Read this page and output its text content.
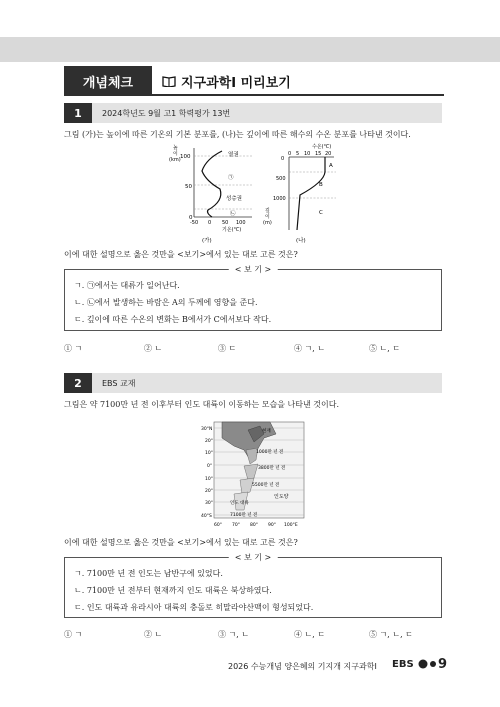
개념체크	지구과학Ⅰ 미리보기
1	2024학년도 9월 고1 학력평가 13번
그림 (가)는 높이에 따른 기온의 기본 분포를, (나)는 깊이에 따른 해수의 수온 분포를 나타낸 것이다.
높
이
(km) 100
50
0
열권
㉠
성층권
㉡
-50 0 50 100
기온(℃)
(가)
수온(℃)
0 5 10 15 20
0
500
1000
A
B
C
깊
이
(m)
(나)
이에 대한 설명으로 옳은 것만을 <보기>에서 있는 대로 고른 것은?
< 보 기 >
ㄱ. ㉠에서는 대류가 일어난다.
ㄴ. ㉡에서 발생하는 바람은 A의 두께에 영향을 준다.
ㄷ. 깊이에 따른 수온의 변화는 B에서가 C에서보다 작다.
① ㄱ	② ㄴ	③ ㄷ	④ ㄱ, ㄴ	⑤ ㄴ, ㄷ
2	EBS 교재
그림은 약 7100만 년 전 이후부터 인도 대륙이 이동하는 모습을 나타낸 것이다.
30°N
20°
10°
0°
10°
20°
30°
40°S
현재
1000만 년 전
3800만 년 전
5500만 년 전
7100만 년 전
인도양
인도 대륙
60° 70° 80° 90° 100°E
이에 대한 설명으로 옳은 것만을 <보기>에서 있는 대로 고른 것은?
< 보 기 >
ㄱ. 7100만 년 전 인도는 남반구에 있었다.
ㄴ. 7100만 년 전부터 현재까지 인도 대륙은 북상하였다.
ㄷ. 인도 대륙과 유라시아 대륙의 충돌로 히말라야산맥이 형성되었다.
① ㄱ	② ㄴ	③ ㄱ, ㄴ	④ ㄴ, ㄷ	⑤ ㄱ, ㄴ, ㄷ
2026 수능개념 양은혜의 기지개 지구과학Ⅰ EBS	9
